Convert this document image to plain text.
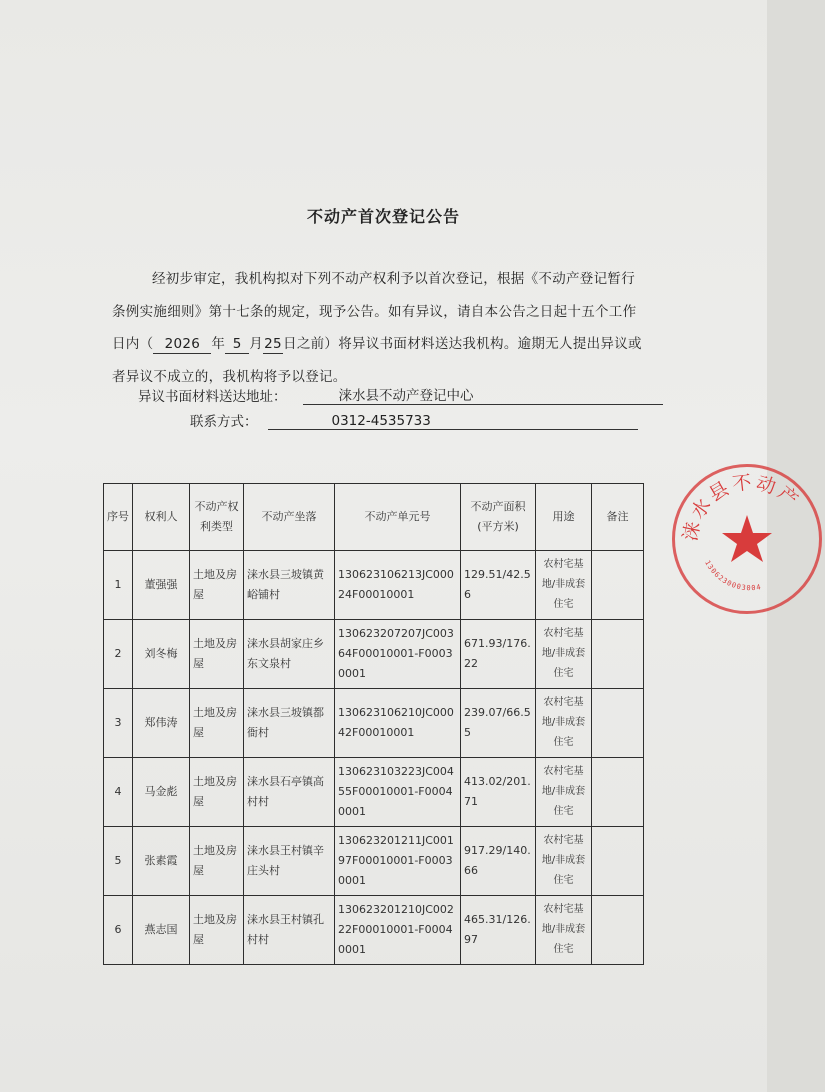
不动产首次登记公告
经初步审定，我机构拟对下列不动产权利予以首次登记，根据《不动产登记暂行条例实施细则》第十七条的规定，现予公告。如有异议，请自本公告之日起十五个工作日内（ 2026 年 5 月25日之前）将异议书面材料送达我机构。逾期无人提出异议或者异议不成立的，我机构将予以登记。
异议书面材料送达地址：	涞水县不动产登记中心
联系方式：	0312-4535733
序号	权利人	不动产权利类型	不动产坐落	不动产单元号	不动产面积(平方米)	用途	备注
1	董强强	土地及房屋	涞水县三坡镇黄峪铺村	130623106213JC00024F00010001	129.51/42.56	农村宅基地/非成套住宅	
2	刘冬梅	土地及房屋	涞水县胡家庄乡东文泉村	130623207207JC00364F00010001-F00030001	671.93/176.22	农村宅基地/非成套住宅	
3	郑伟涛	土地及房屋	涞水县三坡镇都衙村	130623106210JC00042F00010001	239.07/66.55	农村宅基地/非成套住宅	
4	马金彪	土地及房屋	涞水县石亭镇高村村	130623103223JC00455F00010001-F00040001	413.02/201.71	农村宅基地/非成套住宅	
5	张素霞	土地及房屋	涞水县王村镇辛庄头村	130623201211JC00197F00010001-F00030001	917.29/140.66	农村宅基地/非成套住宅	
6	燕志国	土地及房屋	涞水县王村镇孔村村	130623201210JC00222F00010001-F00040001	465.31/126.97	农村宅基地/非成套住宅	
涞水县不动产
1306230003004
